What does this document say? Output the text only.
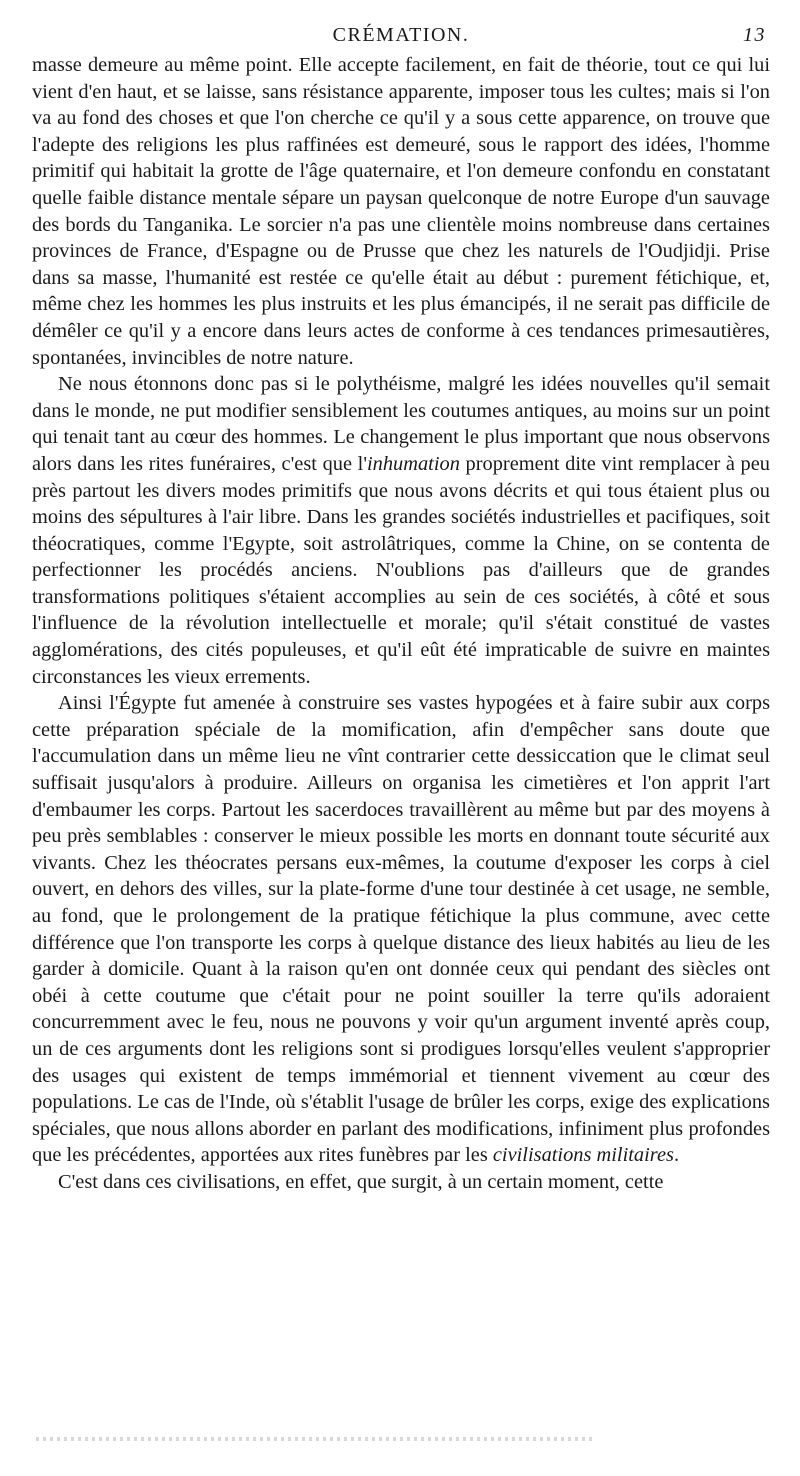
CRÉMATION.	13

masse demeure au même point. Elle accepte facilement, en fait de théorie, tout ce qui lui vient d'en haut, et se laisse, sans résistance apparente, imposer tous les cultes; mais si l'on va au fond des choses et que l'on cherche ce qu'il y a sous cette apparence, on trouve que l'adepte des religions les plus raffinées est demeuré, sous le rapport des idées, l'homme primitif qui habitait la grotte de l'âge quaternaire, et l'on demeure confondu en constatant quelle faible distance mentale sépare un paysan quelconque de notre Europe d'un sauvage des bords du Tanganika. Le sorcier n'a pas une clientèle moins nombreuse dans certaines provinces de France, d'Espagne ou de Prusse que chez les naturels de l'Oudjidji. Prise dans sa masse, l'humanité est restée ce qu'elle était au début : purement fétichique, et, même chez les hommes les plus instruits et les plus émancipés, il ne serait pas difficile de démêler ce qu'il y a encore dans leurs actes de conforme à ces tendances primesautières, spontanées, invincibles de notre nature.

Ne nous étonnons donc pas si le polythéisme, malgré les idées nouvelles qu'il semait dans le monde, ne put modifier sensiblement les coutumes antiques, au moins sur un point qui tenait tant au cœur des hommes. Le changement le plus important que nous observons alors dans les rites funéraires, c'est que l'inhumation proprement dite vint remplacer à peu près partout les divers modes primitifs que nous avons décrits et qui tous étaient plus ou moins des sépultures à l'air libre. Dans les grandes sociétés industrielles et pacifiques, soit théocratiques, comme l'Egypte, soit astrolâtriques, comme la Chine, on se contenta de perfectionner les procédés anciens. N'oublions pas d'ailleurs que de grandes transformations politiques s'étaient accomplies au sein de ces sociétés, à côté et sous l'influence de la révolution intellectuelle et morale; qu'il s'était constitué de vastes agglomérations, des cités populeuses, et qu'il eût été impraticable de suivre en maintes circonstances les vieux errements.

Ainsi l'Égypte fut amenée à construire ses vastes hypogées et à faire subir aux corps cette préparation spéciale de la momification, afin d'empêcher sans doute que l'accumulation dans un même lieu ne vînt contrarier cette dessiccation que le climat seul suffisait jusqu'alors à produire. Ailleurs on organisa les cimetières et l'on apprit l'art d'embaumer les corps. Partout les sacerdoces travaillèrent au même but par des moyens à peu près semblables : conserver le mieux possible les morts en donnant toute sécurité aux vivants. Chez les théocrates persans eux-mêmes, la coutume d'exposer les corps à ciel ouvert, en dehors des villes, sur la plate-forme d'une tour destinée à cet usage, ne semble, au fond, que le prolongement de la pratique fétichique la plus commune, avec cette différence que l'on transporte les corps à quelque distance des lieux habités au lieu de les garder à domicile. Quant à la raison qu'en ont donnée ceux qui pendant des siècles ont obéi à cette coutume que c'était pour ne point souiller la terre qu'ils adoraient concurremment avec le feu, nous ne pouvons y voir qu'un argument inventé après coup, un de ces arguments dont les religions sont si prodigues lorsqu'elles veulent s'approprier des usages qui existent de temps immémorial et tiennent vivement au cœur des populations. Le cas de l'Inde, où s'établit l'usage de brûler les corps, exige des explications spéciales, que nous allons aborder en parlant des modifications, infiniment plus profondes que les précédentes, apportées aux rites funèbres par les civilisations militaires.

C'est dans ces civilisations, en effet, que surgit, à un certain moment, cette
